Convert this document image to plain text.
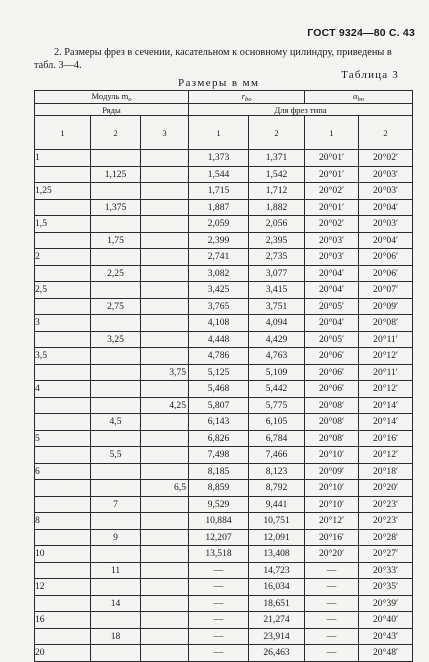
ГОСТ 9324—80 С. 43
2. Размеры фрез в сечении, касательном к основному цилиндру, приведены в табл. 3—4.
Таблица 3
Размеры в мм
Модуль $m_o$			$r_{bo}$		$\alpha_{bo}$
Ряды			Для фрез типа			
1	2	3	1	2	1	2
1			1,373	1,371	20°01′	20°02′
	1,125		1,544	1,542	20°01′	20°03′
1,25			1,715	1,712	20°02′	20°03′
	1,375		1,887	1,882	20°01′	20°04′
1,5			2,059	2,056	20°02′	20°03′
	1,75		2,399	2,395	20°03′	20°04′
2			2,741	2,735	20°03′	20°06′
	2,25		3,082	3,077	20°04′	20°06′
2,5			3,425	3,415	20°04′	20°07′
	2,75		3,765	3,751	20°05′	20°09′
3			4,108	4,094	20°04′	20°08′
	3,25		4,448	4,429	20°05′	20°11′
3,5			4,786	4,763	20°06′	20°12′
		3,75	5,125	5,109	20°06′	20°11′
4			5,468	5,442	20°06′	20°12′
		4,25	5,807	5,775	20°08′	20°14′
	4,5		6,143	6,105	20°08′	20°14′
5			6,826	6,784	20°08′	20°16′
	5,5		7,498	7,466	20°10′	20°12′
6			8,185	8,123	20°09′	20°18′
		6,5	8,859	8,792	20°10′	20°20′
	7		9,529	9,441	20°10′	20°23′
8			10,884	10,751	20°12′	20°23′
	9		12,207	12,091	20°16′	20°28′
10			13,518	13,408	20°20′	20°27′
	11		—	14,723	—	20°33′
12			—	16,034	—	20°35′
	14		—	18,651	—	20°39′
16			—	21,274	—	20°40′
	18		—	23,914	—	20°43′
20			—	26,463	—	20°48′
